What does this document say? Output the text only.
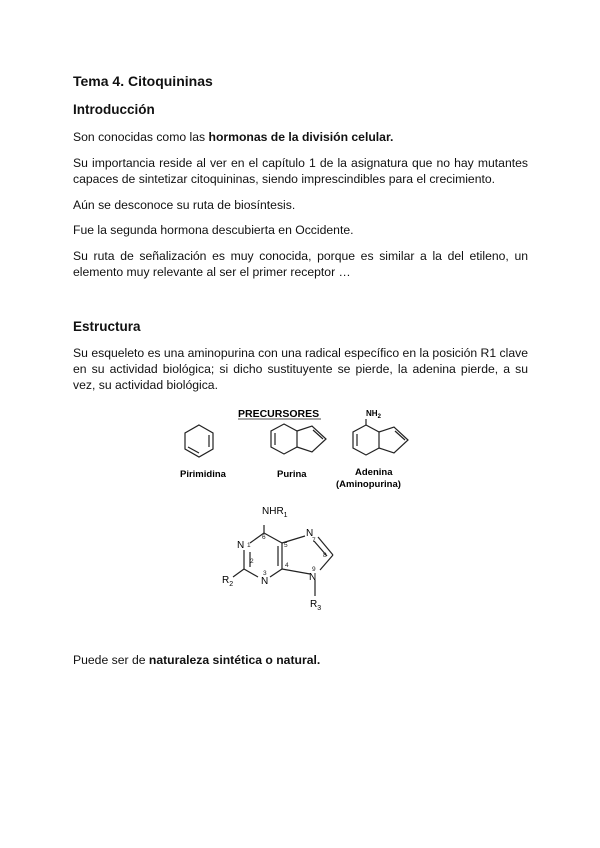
Tema 4. Citoquininas
Introducción
Son conocidas como las hormonas de la división celular.
Su importancia reside al ver en el capítulo 1 de la asignatura que no hay mutantes capaces de sintetizar citoquininas, siendo imprescindibles para el crecimiento.
Aún se desconoce su ruta de biosíntesis.
Fue la segunda hormona descubierta en Occidente.
Su ruta de señalización es muy conocida, porque es similar a la del etileno, un elemento muy relevante al ser el primer receptor …
Estructura
Su esqueleto es una aminopurina con una radical específico en la posición R1 clave en su actividad biológica; si dicho sustituyente se pierde, la adenina pierde, a su vez, su actividad biológica.
PRECURSORES
Pirimidina	Purina
$NH_2$
Adenina
(Aminopurina)
$NHR_1$
N
N
N
N
$R_2$
$R_3$
1
2
3
4
5
6	7
8
9
Puede ser de naturaleza sintética o natural.
